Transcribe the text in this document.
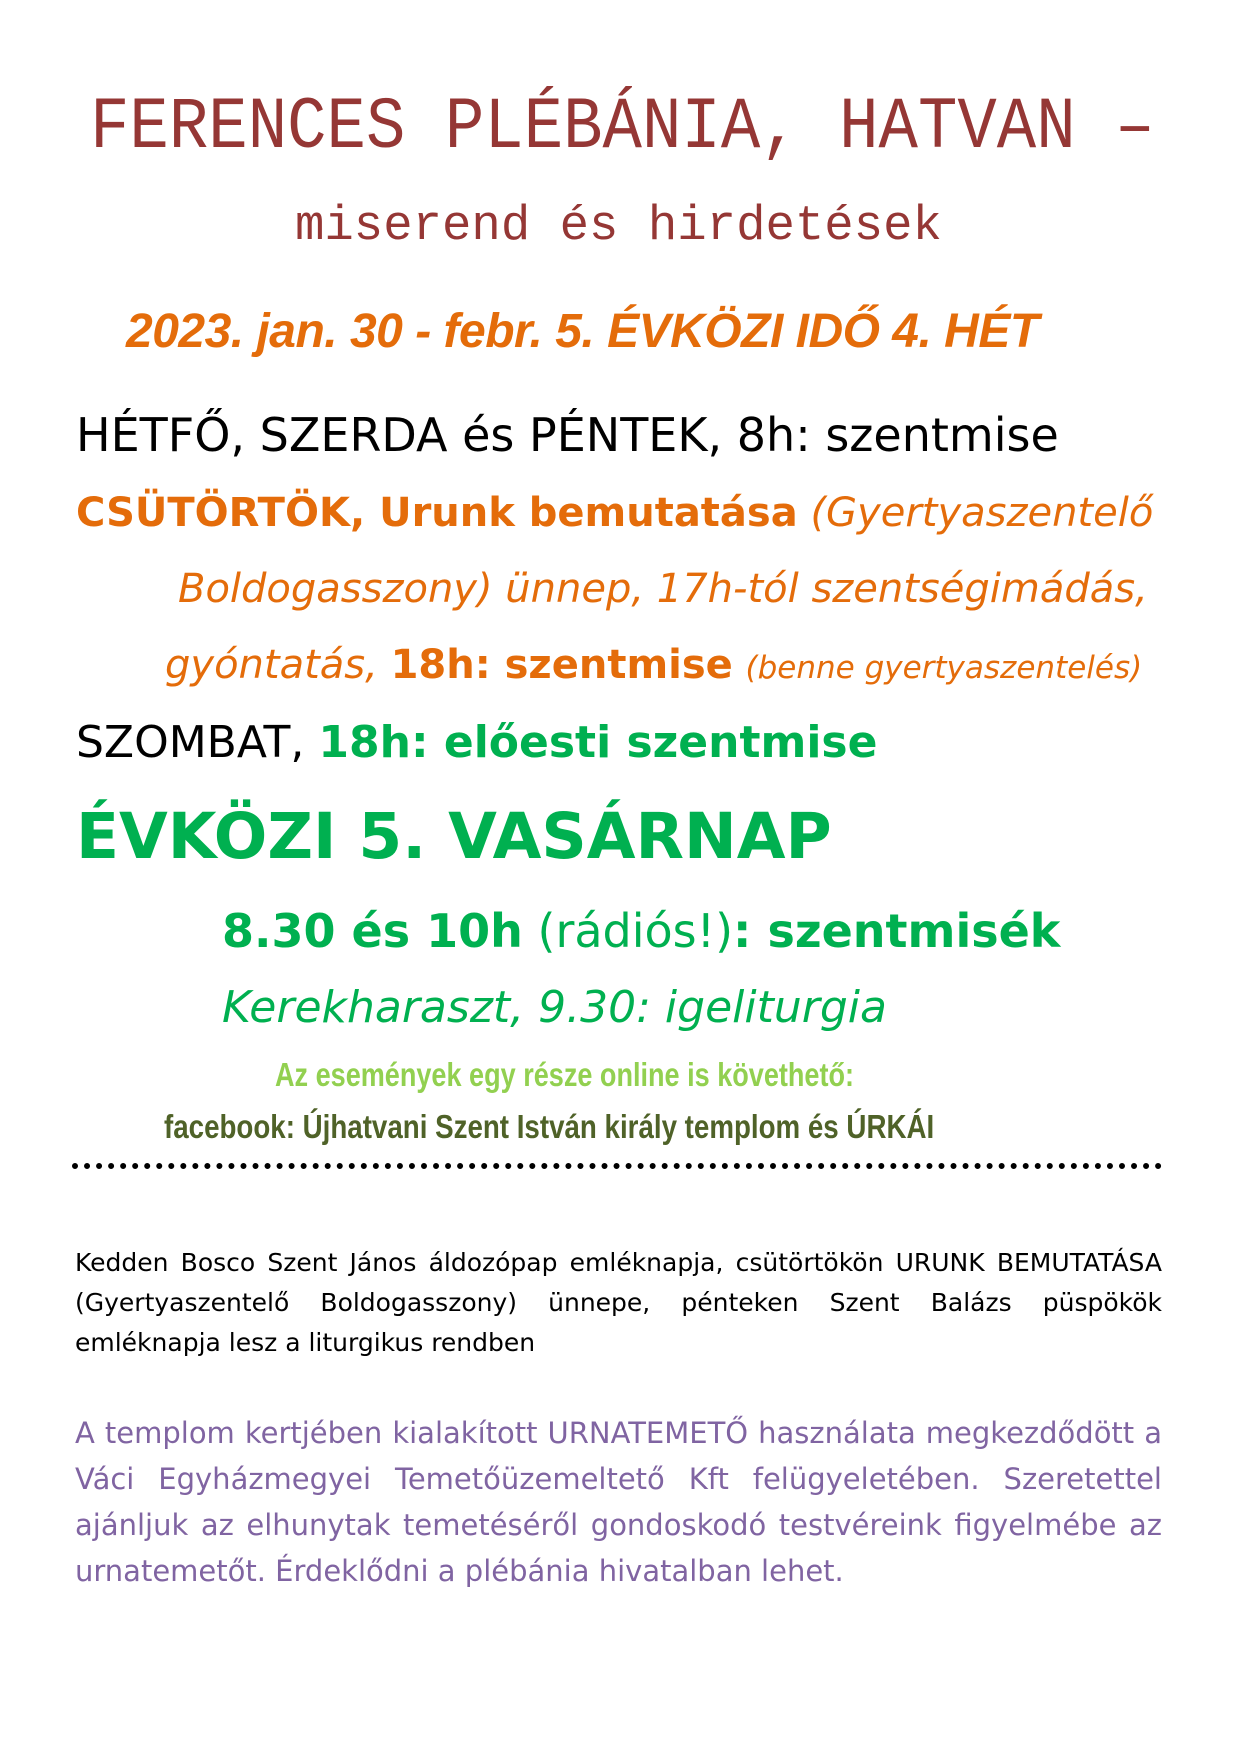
FERENCES PLÉBÁNIA, HATVAN –
miserend és hirdetések
2023. jan. 30 - febr. 5. ÉVKÖZI IDŐ 4. HÉT
HÉTFŐ, SZERDA és PÉNTEK, 8h: szentmise
CSÜTÖRTÖK, Urunk bemutatása (Gyertyaszentelő
Boldogasszony) ünnep, 17h-tól szentségimádás,
gyóntatás, 18h: szentmise (benne gyertyaszentelés)
SZOMBAT, 18h: előesti szentmise
ÉVKÖZI 5. VASÁRNAP
8.30 és 10h (rádiós!): szentmisék
Kerekharaszt, 9.30: igeliturgia
Az események egy része online is követhető:
facebook: Újhatvani Szent István király templom és ÚRKÁI
Kedden Bosco Szent János áldozópap emléknapja, csütörtökön URUNK BEMUTATÁSA (Gyertyaszentelő Boldogasszony) ünnepe, pénteken Szent Balázs püspökök emléknapja lesz a liturgikus rendben
A templom kertjében kialakított URNATEMETŐ használata megkezdődött a Váci Egyházmegyei Temetőüzemeltető Kft felügyeletében. Szeretettel ajánljuk az elhunytak temetéséről gondoskodó testvéreink figyelmébe az urnatemetőt. Érdeklődni a plébánia hivatalban lehet.
